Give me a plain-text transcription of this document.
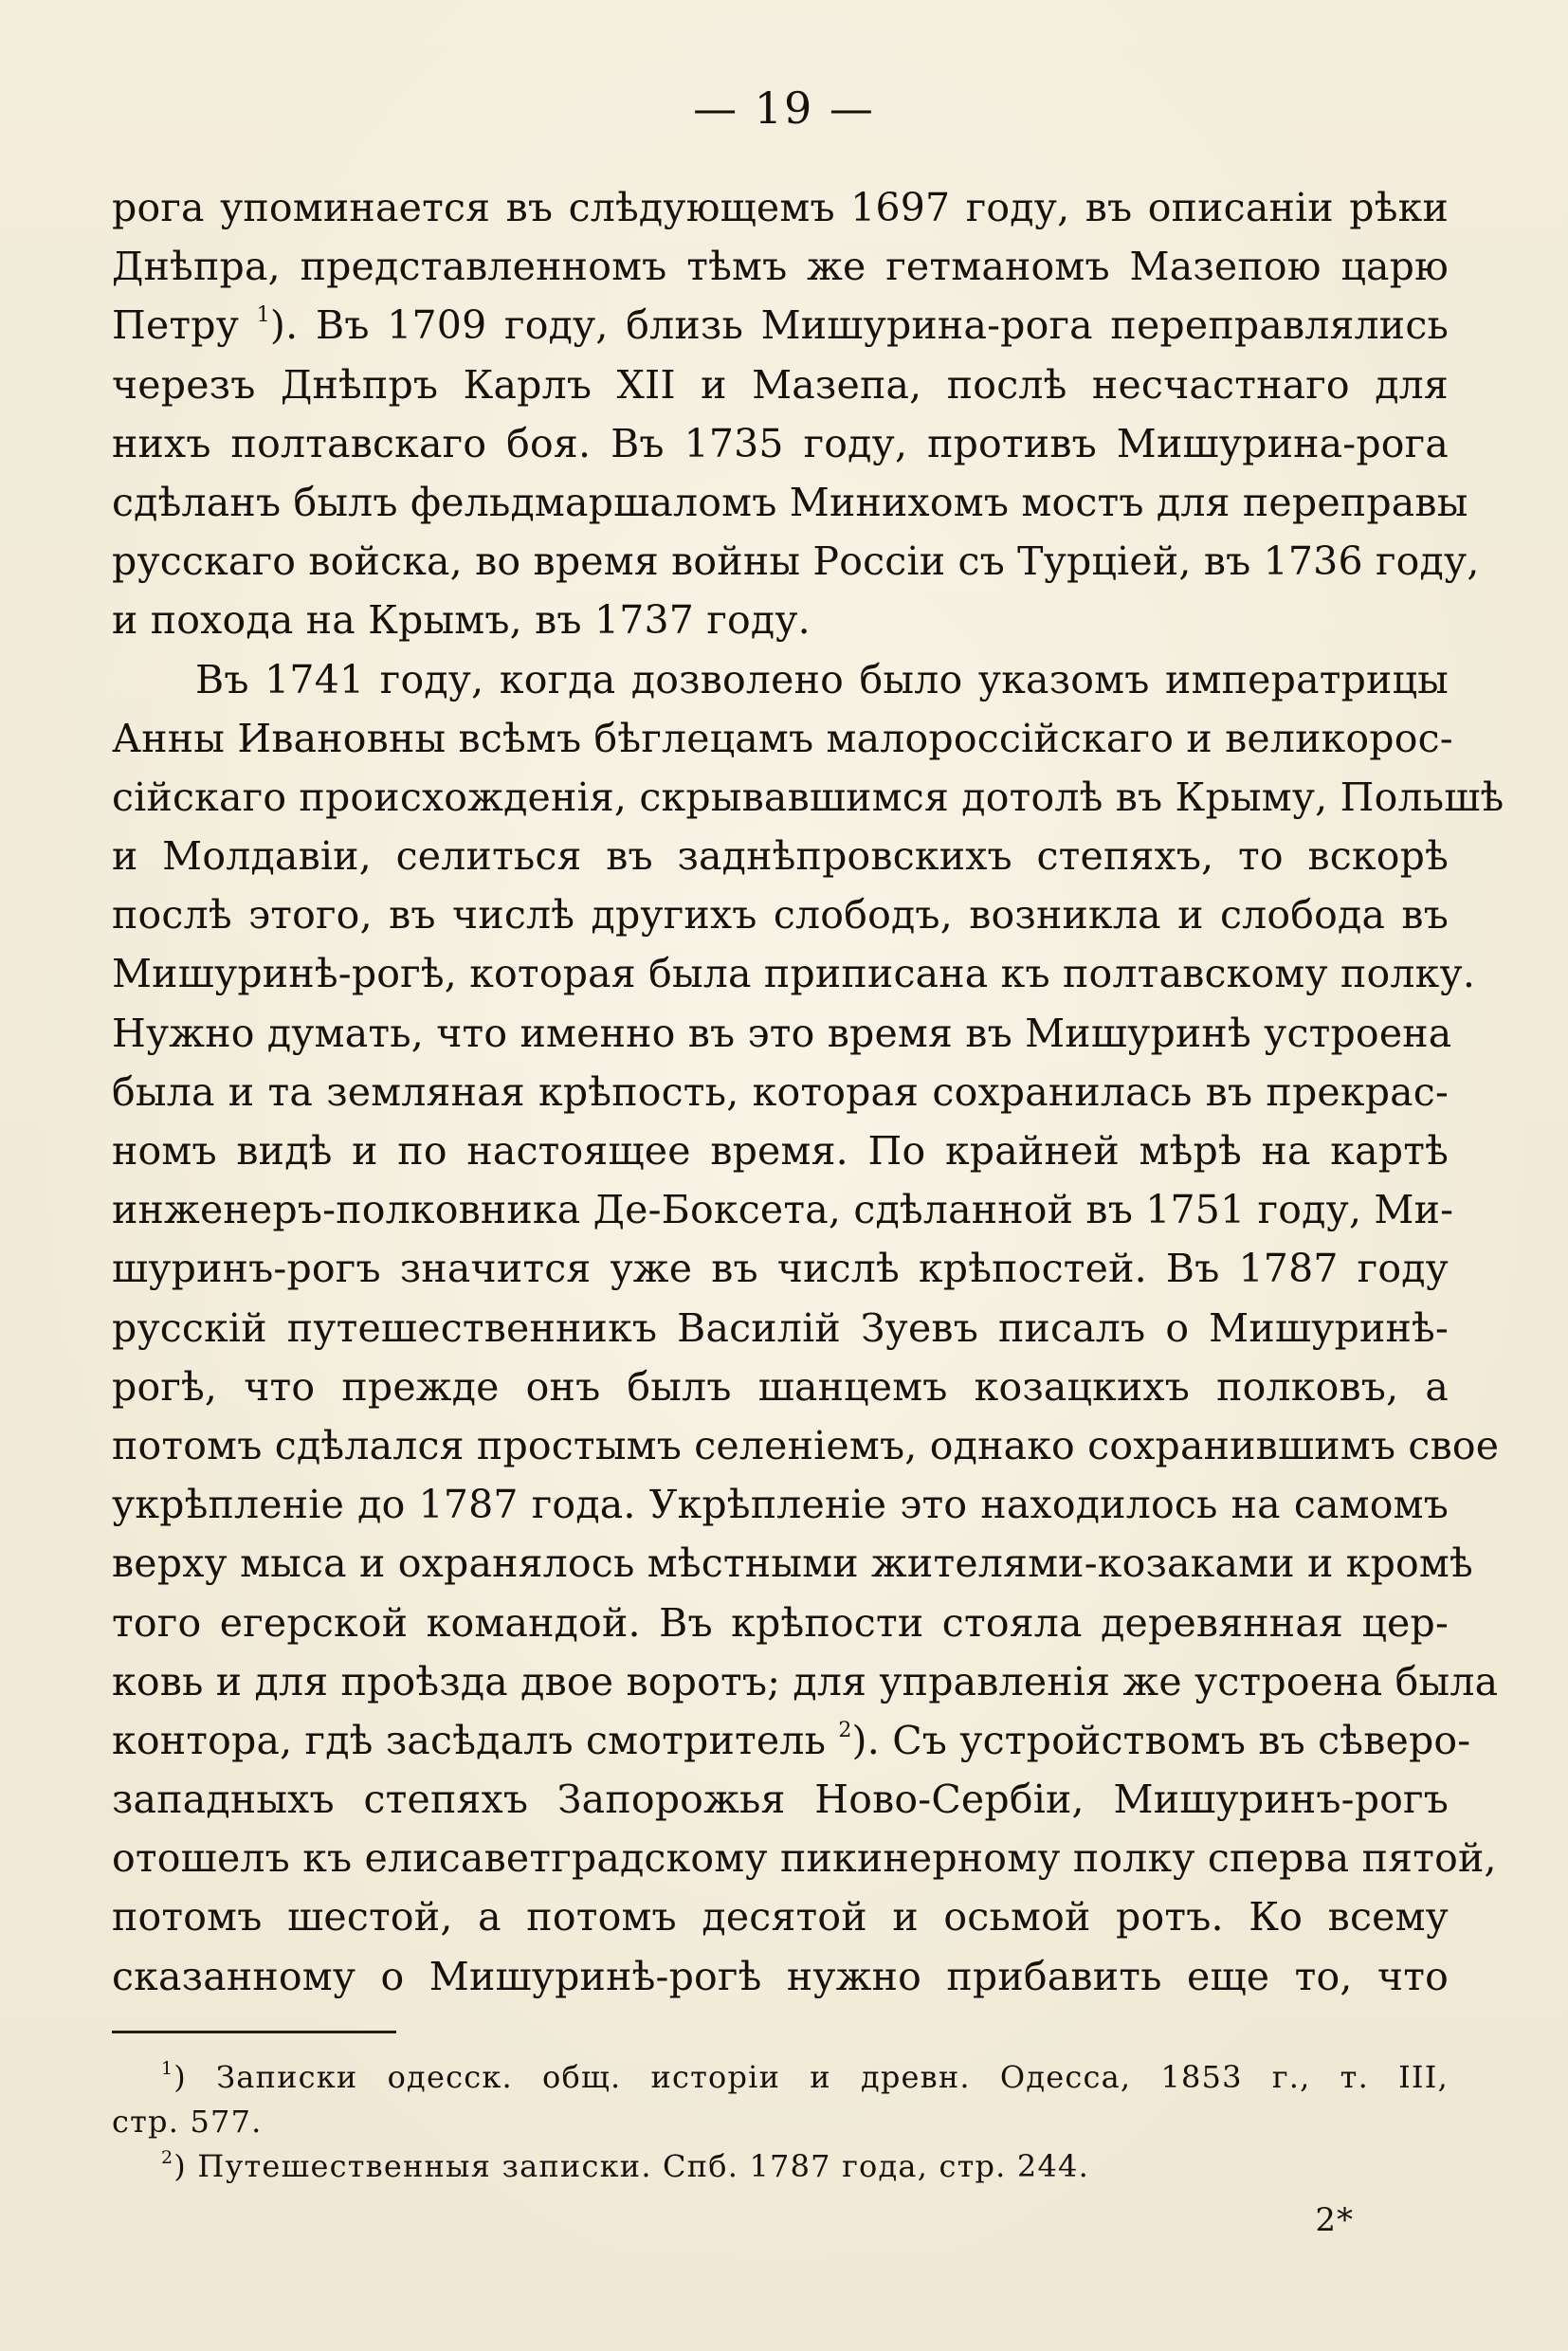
— 19 —
рога упоминается въ слѣдующемъ 1697 году, въ описаніи рѣки
Днѣпра, представленномъ тѣмъ же гетманомъ Мазепою царю
Петру $^1$). Въ 1709 году, близь Мишурина-рога переправлялись
черезъ Днѣпръ Карлъ XII и Мазепа, послѣ несчастнаго для
нихъ полтавскаго боя. Въ 1735 году, противъ Мишурина-рога
сдѣланъ былъ фельдмаршаломъ Минихомъ мостъ для переправы
русскаго войска, во время войны Россіи съ Турціей, въ 1736 году,
и похода на Крымъ, въ 1737 году.
Въ 1741 году, когда дозволено было указомъ императрицы
Анны Ивановны всѣмъ бѣглецамъ малороссійскаго и великорос-
сійскаго происхожденія, скрывавшимся дотолѣ въ Крыму, Польшѣ
и Молдавіи, селиться въ заднѣпровскихъ степяхъ, то вскорѣ
послѣ этого, въ числѣ другихъ слободъ, возникла и слобода въ
Мишуринѣ-рогѣ, которая была приписана къ полтавскому полку.
Нужно думать, что именно въ это время въ Мишуринѣ устроена
была и та земляная крѣпость, которая сохранилась въ прекрас-
номъ видѣ и по настоящее время. По крайней мѣрѣ на картѣ
инженеръ-полковника Де-Боксета, сдѣланной въ 1751 году, Ми-
шуринъ-рогъ значится уже въ числѣ крѣпостей. Въ 1787 году
русскій путешественникъ Василій Зуевъ писалъ о Мишуринѣ-
рогѣ, что прежде онъ былъ шанцемъ козацкихъ полковъ, а
потомъ сдѣлался простымъ селеніемъ, однако сохранившимъ свое
укрѣпленіе до 1787 года. Укрѣпленіе это находилось на самомъ
верху мыса и охранялось мѣстными жителями-козаками и кромѣ
того егерской командой. Въ крѣпости стояла деревянная цер-
ковь и для проѣзда двое воротъ; для управленія же устроена была
контора, гдѣ засѣдалъ смотритель $^2$). Съ устройствомъ въ сѣверо-
западныхъ степяхъ Запорожья Ново-Сербіи, Мишуринъ-рогъ
отошелъ къ елисаветградскому пикинерному полку сперва пятой,
потомъ шестой, а потомъ десятой и осьмой ротъ. Ко всему
сказанному о Мишуринѣ-рогѣ нужно прибавить еще то, что
$^1$) Записки одесск. общ. исторіи и древн. Одесса, 1853 г., т. III,
стр. 577.
$^2$) Путешественныя записки. Спб. 1787 года, стр. 244.
2*
